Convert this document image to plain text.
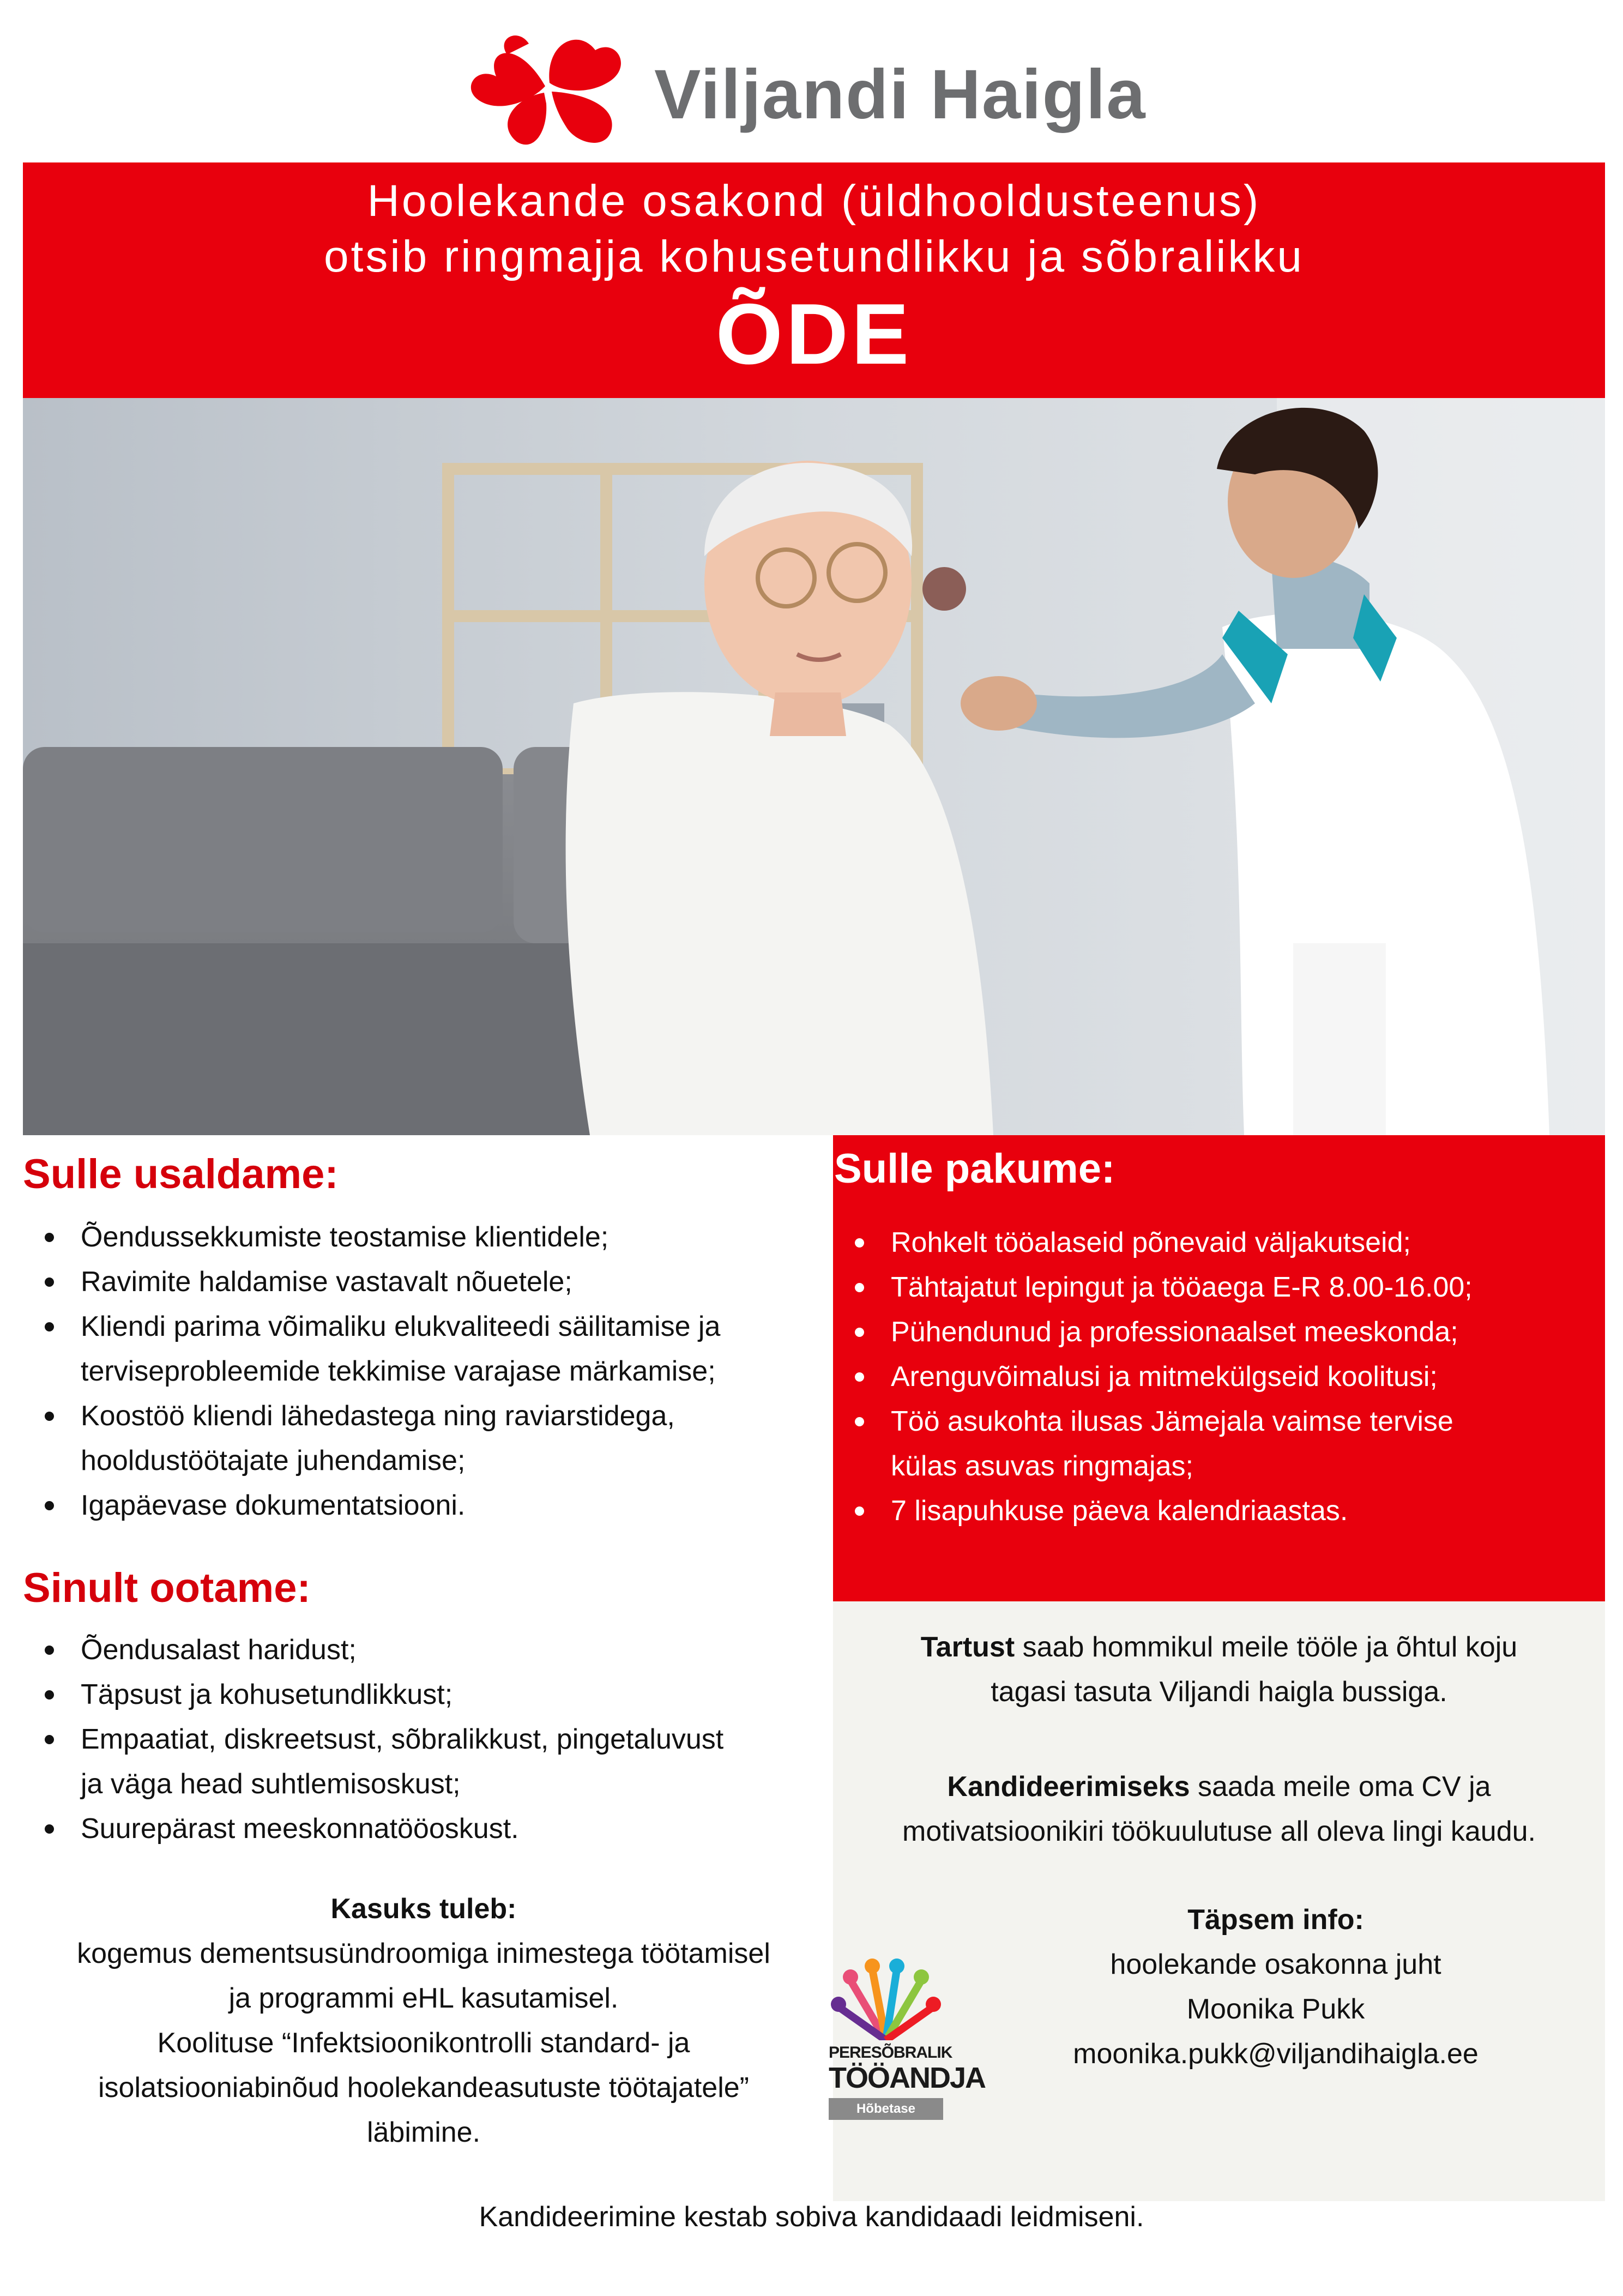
Viljandi Haigla
Hoolekande osakond (üldhooldusteenus)
otsib ringmajja kohusetundlikku ja sõbralikku
ÕDE
Sulle usaldame:
Õendussekkumiste teostamise klientidele;
Ravimite haldamise vastavalt nõuetele;
Kliendi parima võimaliku elukvaliteedi säilitamise ja
terviseprobleemide tekkimise varajase märkamise;
Koostöö kliendi lähedastega ning raviarstidega,
hooldustöötajate juhendamise;
Igapäevase dokumentatsiooni.
Sinult ootame:
Õendusalast haridust;
Täpsust ja kohusetundlikkust;
Empaatiat, diskreetsust, sõbralikkust, pingetaluvust
ja väga head suhtlemisoskust;
Suurepärast meeskonnatööoskust.
Sulle pakume:
Rohkelt tööalaseid põnevaid väljakutseid;
Tähtajatut lepingut ja tööaega E-R 8.00-16.00;
Pühendunud ja professionaalset meeskonda;
Arenguvõimalusi ja mitmekülgseid koolitusi;
Töö asukohta ilusas Jämejala vaimse tervise
külas asuvas ringmajas;
7 lisapuhkuse päeva kalendriaastas.
Kasuks tuleb:
kogemus dementsusündroomiga inimestega töötamisel
ja programmi eHL kasutamisel.
Koolituse “Infektsioonikontrolli standard- ja
isolatsiooniabinõud hoolekandeasutuste töötajatele”
läbimine.
Tartust saab hommikul meile tööle ja õhtul koju
tagasi tasuta Viljandi haigla bussiga.
Kandideerimiseks saada meile oma CV ja
motivatsioonikiri töökuulutuse all oleva lingi kaudu.
Täpsem info:
hoolekande osakonna juht
Moonika Pukk
moonika.pukk@viljandihaigla.ee
PERESÕBRALIK
TÖÖANDJA
Hõbetase
Kandideerimine kestab sobiva kandidaadi leidmiseni.
